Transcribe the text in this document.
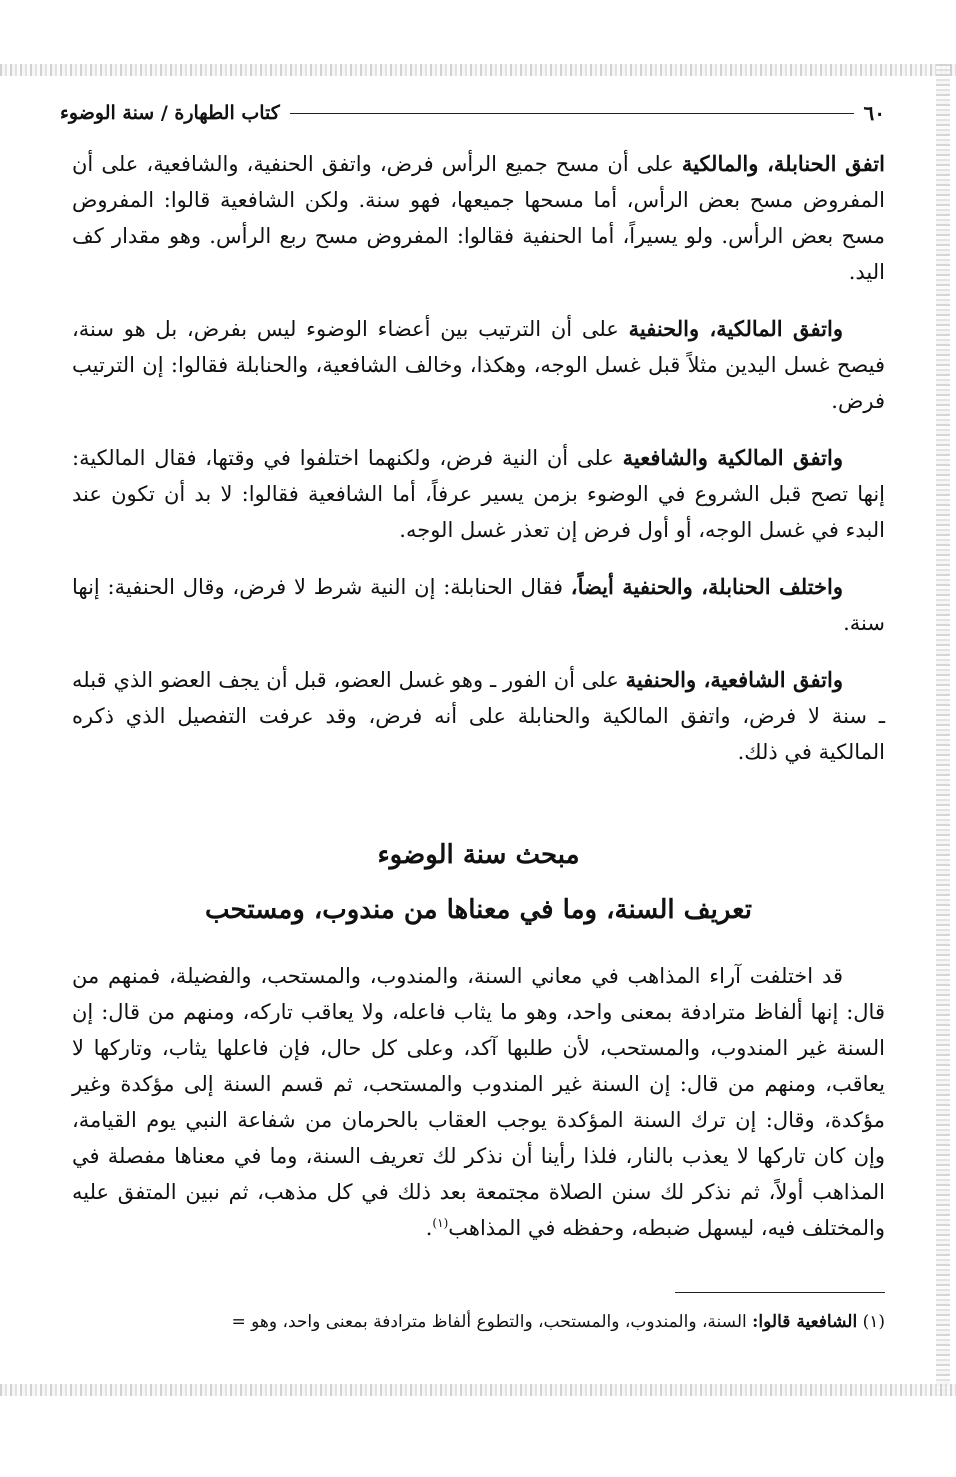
٦٠
كتاب الطهارة / سنة الوضوء

اتفق الحنابلة، والمالكية على أن مسح جميع الرأس فرض، واتفق الحنفية، والشافعية، على أن المفروض مسح بعض الرأس، أما مسحها جميعها، فهو سنة. ولكن الشافعية قالوا: المفروض مسح بعض الرأس. ولو يسيراً، أما الحنفية فقالوا: المفروض مسح ربع الرأس. وهو مقدار كف اليد.

واتفق المالكية، والحنفية على أن الترتيب بين أعضاء الوضوء ليس بفرض، بل هو سنة، فيصح غسل اليدين مثلاً قبل غسل الوجه، وهكذا، وخالف الشافعية، والحنابلة فقالوا: إن الترتيب فرض.

واتفق المالكية والشافعية على أن النية فرض، ولكنهما اختلفوا في وقتها، فقال المالكية: إنها تصح قبل الشروع في الوضوء بزمن يسير عرفاً، أما الشافعية فقالوا: لا بد أن تكون عند البدء في غسل الوجه، أو أول فرض إن تعذر غسل الوجه.

واختلف الحنابلة، والحنفية أيضاً، فقال الحنابلة: إن النية شرط لا فرض، وقال الحنفية: إنها سنة.

واتفق الشافعية، والحنفية على أن الفور ـ وهو غسل العضو، قبل أن يجف العضو الذي قبله ـ سنة لا فرض، واتفق المالكية والحنابلة على أنه فرض، وقد عرفت التفصيل الذي ذكره المالكية في ذلك.

مبحث سنة الوضوء
تعريف السنة، وما في معناها من مندوب، ومستحب

قد اختلفت آراء المذاهب في معاني السنة، والمندوب، والمستحب، والفضيلة، فمنهم من قال: إنها ألفاظ مترادفة بمعنى واحد، وهو ما يثاب فاعله، ولا يعاقب تاركه، ومنهم من قال: إن السنة غير المندوب، والمستحب، لأن طلبها آكد، وعلى كل حال، فإن فاعلها يثاب، وتاركها لا يعاقب، ومنهم من قال: إن السنة غير المندوب والمستحب، ثم قسم السنة إلى مؤكدة وغير مؤكدة، وقال: إن ترك السنة المؤكدة يوجب العقاب بالحرمان من شفاعة النبي يوم القيامة، وإن كان تاركها لا يعذب بالنار، فلذا رأينا أن نذكر لك تعريف السنة، وما في معناها مفصلة في المذاهب أولاً، ثم نذكر لك سنن الصلاة مجتمعة بعد ذلك في كل مذهب، ثم نبين المتفق عليه والمختلف فيه، ليسهل ضبطه، وحفظه في المذاهب$^{(١)}$.

(١) الشافعية قالوا: السنة، والمندوب، والمستحب، والتطوع ألفاظ مترادفة بمعنى واحد، وهو =
